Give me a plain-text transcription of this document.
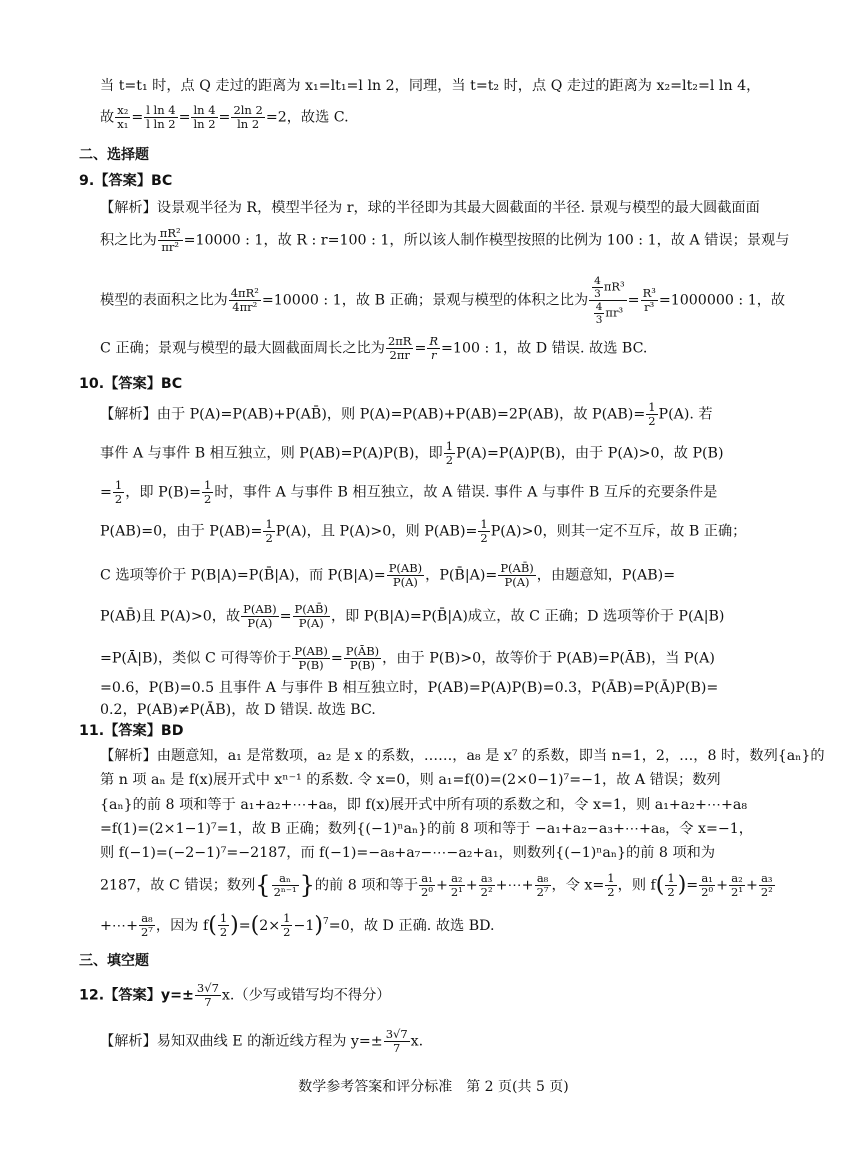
当 t=t₁ 时，点 Q 走过的距离为 x₁=lt₁=l ln 2，同理，当 t=t₂ 时，点 Q 走过的距离为 x₂=lt₂=l ln 4，
故 $\frac{\text{x₂}}{\text{x₁}} = \frac{\text{l ln 4}}{\text{l ln 2}} = \frac{\ln 4}{\ln 2} = \frac{2\ln 2}{\ln 2} =2$，故选 C.
二、选择题
9.【答案】BC
【解析】设景观半径为 R，模型半径为 r，球的半径即为其最大圆截面的半径. 景观与模型的最大圆截面面
积之比为 $\frac{\text{πR²}}{\text{πr²}} =10000$ : 1，故 R : r=100 : 1，所以该人制作模型按照的比例为 100 : 1，故 A 错误；景观与
模型的表面积之比为 $\frac{\text{4πR²}}{\text{4πr²}} =10000$ : 1，故 B 正确；景观与模型的体积之比为 $\frac{\frac{4}{3} \pi R^3}{\frac{4}{3} \pi r^3} = \frac{\text{R³}}{\text{r³}} =1000000$ : 1，故
C 正确；景观与模型的最大圆截面周长之比为 $\frac{2\pi R}{2\pi r} = \frac{R}{r} =100$ : 1，故 D 错误. 故选 BC.
10.【答案】BC
【解析】由于 P(A)=P(AB)+P(AB̄)，则 P(A)=P(AB)+P(AB)=2P(AB)，故 $P(AB)= \frac{1}{2} P(A)$. 若
事件 A 与事件 B 相互独立，则 P(AB)=P(A)P(B)，即 $\frac{1}{2} P(A)=P(A)P(B)$，由于 P(A)>0，故 P(B)
= $\frac{1}{2}$ ，即 $P(B)= \frac{1}{2}$ 时，事件 A 与事件 B 相互独立，故 A 错误. 事件 A 与事件 B 互斥的充要条件是
P(AB)=0，由于 $P(AB)= \frac{1}{2} P(A)$，且 P(A)>0，则 $P(AB)= \frac{1}{2} P(A)>0$，则其一定不互斥，故 B 正确；
C 选项等价于 P(B|A)=P(B̄|A)，而 $P(B|A)= \frac{P(AB)}{P(A)}$ ，P(B̄|A)= $\frac{P(AB̄)}{P(A)}$ ，由题意知，P(AB)=
P(AB̄)且 P(A)>0，故 $\frac{P(AB)}{P(A)} = \frac{P(AB̄)}{P(A)}$ ，即 P(B|A)=P(B̄|A)成立，故 C 正确；D 选项等价于 P(A|B)
=P(Ā|B)，类似 C 可得等价于 $\frac{P(AB)}{P(B)} = \frac{P(ĀB)}{P(B)}$ ，由于 P(B)>0，故等价于 P(AB)=P(ĀB)，当 P(A)
=0.6，P(B)=0.5 且事件 A 与事件 B 相互独立时，P(AB)=P(A)P(B)=0.3，P(ĀB)=P(Ā)P(B)=
0.2，P(AB)≠P(ĀB)，故 D 错误. 故选 BC.
11.【答案】BD
【解析】由题意知，a₁ 是常数项，a₂ 是 x 的系数，……，a₈ 是 x⁷ 的系数，即当 n=1，2，…，8 时，数列{aₙ}的
第 n 项 aₙ 是 f(x)展开式中 xⁿ⁻¹ 的系数. 令 x=0，则 a₁=f(0)=(2×0−1)⁷=−1，故 A 错误；数列
{aₙ}的前 8 项和等于 a₁+a₂+⋯+a₈，即 f(x)展开式中所有项的系数之和，令 x=1，则 a₁+a₂+⋯+a₈
=f(1)=(2×1−1)⁷=1，故 B 正确；数列{(−1)ⁿaₙ}的前 8 项和等于 −a₁+a₂−a₃+⋯+a₈，令 x=−1，
则 f(−1)=(−2−1)⁷=−2187，而 f(−1)=−a₈+a₇−⋯−a₂+a₁，则数列{(−1)ⁿaₙ}的前 8 项和为
2187，故 C 错误；数列{ $\frac{\text{aₙ}}{\text{2ⁿ⁻¹}}$ }的前 8 项和等于 $\frac{\text{a₁}}{\text{2⁰}} + \frac{\text{a₂}}{\text{2¹}} + \frac{\text{a₃}}{\text{2²}}$ +⋯+ $\frac{\text{a₈}}{\text{2⁷}}$ ，令 $x= \frac{1}{2}$ ，则 $f( \frac{1}{2}$ )= $\frac{\text{a₁}}{\text{2⁰}} + \frac{\text{a₂}}{\text{2¹}} + \frac{\text{a₃}}{\text{2²}}$
+⋯+ $\frac{\text{a₈}}{\text{2⁷}}$ ，因为 $f( \frac{1}{2} )=(2\times \frac{1}{2} -1)^7=0$，故 D 正确. 故选 BD.
三、填空题
12.【答案】$y=\pm \frac{3√7}{7} x$.（少写或错写均不得分）
【解析】易知双曲线 E 的渐近线方程为 $y=\pm \frac{3√7}{7} x$.
数学参考答案和评分标准　第 2 页(共 5 页)
